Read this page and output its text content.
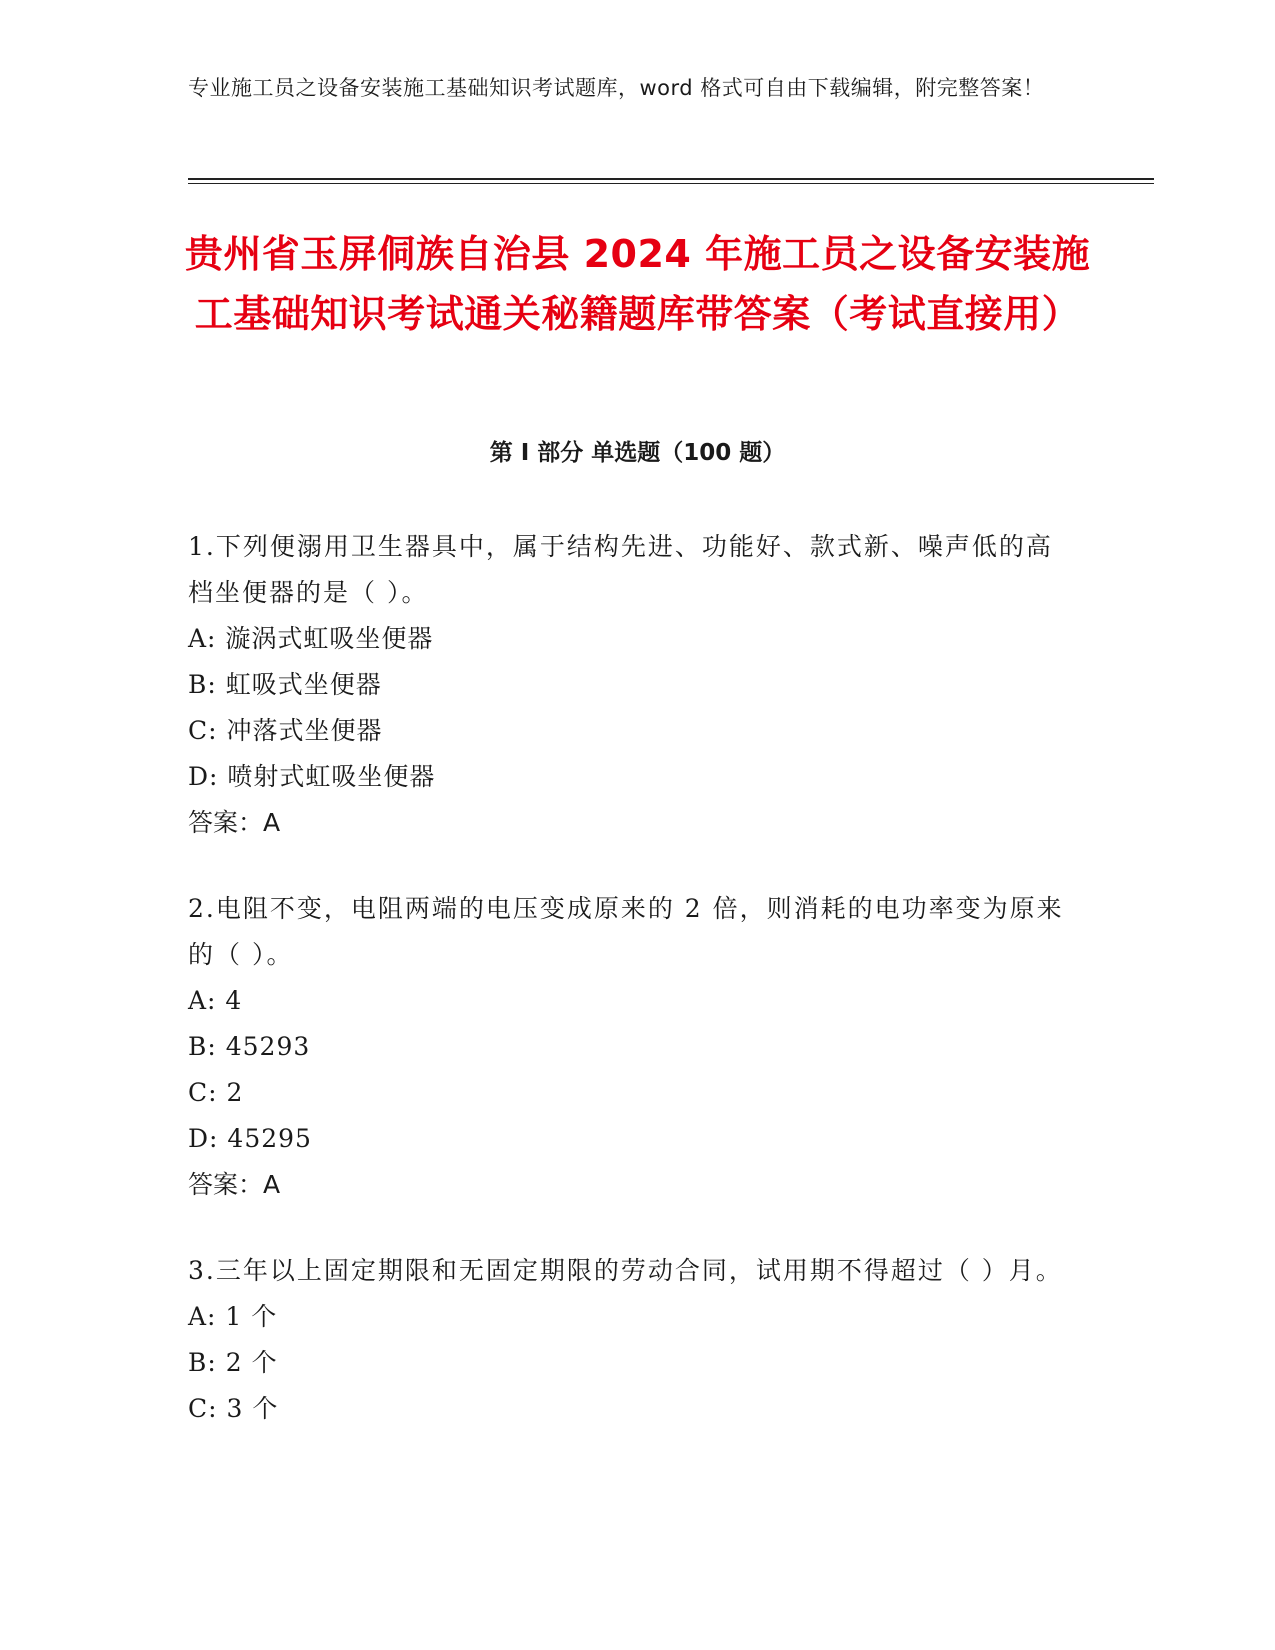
专业施工员之设备安装施工基础知识考试题库，word 格式可自由下载编辑，附完整答案！
贵州省玉屏侗族自治县 2024 年施工员之设备安装施工基础知识考试通关秘籍题库带答案（考试直接用）
第 I 部分 单选题（100 题）

1.下列便溺用卫生器具中，属于结构先进、功能好、款式新、噪声低的高档坐便器的是（ ）。

A: 漩涡式虹吸坐便器

B: 虹吸式坐便器

C: 冲落式坐便器

D: 喷射式虹吸坐便器

答案：A

2.电阻不变，电阻两端的电压变成原来的 2 倍，则消耗的电功率变为原来的（ ）。

A: 4

B: 45293

C: 2

D: 45295

答案：A

3.三年以上固定期限和无固定期限的劳动合同，试用期不得超过（ ）月。

A: 1 个

B: 2 个

C: 3 个
